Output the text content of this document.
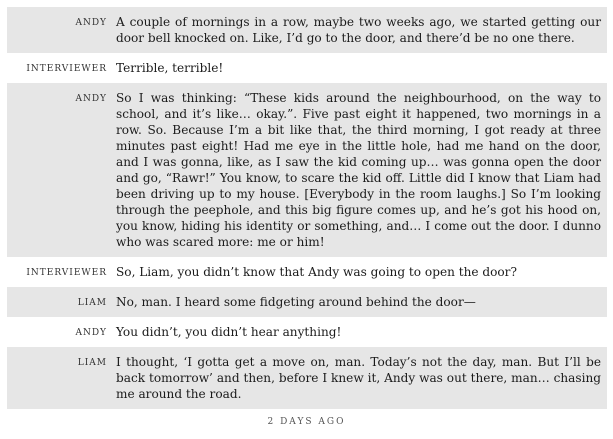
ANDY A couple of mornings in a row, maybe two weeks ago, we started getting our door bell knocked on. Like, I’d go to the door, and there’d be no one there.
INTERVIEWER Terrible, terrible!
ANDY So I was thinking: “These kids around the neighbourhood, on the way to school, and it’s like… okay.”. Five past eight it happened, two mornings in a row. So. Because I’m a bit like that, the third morning, I got ready at three minutes past eight! Had me eye in the little hole, had me hand on the door, and I was gonna, like, as I saw the kid coming up… was gonna open the door and go, “Rawr!” You know, to scare the kid off. Little did I know that Liam had been driving up to my house. [Everybody in the room laughs.] So I’m looking through the peephole, and this big figure comes up, and he’s got his hood on, you know, hiding his identity or something, and… I come out the door. I dunno who was scared more: me or him!
INTERVIEWER So, Liam, you didn’t know that Andy was going to open the door?
LIAM No, man. I heard some fidgeting around behind the door—
ANDY You didn’t, you didn’t hear anything!
LIAM I thought, ‘I gotta get a move on, man. Today’s not the day, man. But I’ll be back tomorrow’ and then, before I knew it, Andy was out there, man… chasing me around the road.
2 DAYS AGO
